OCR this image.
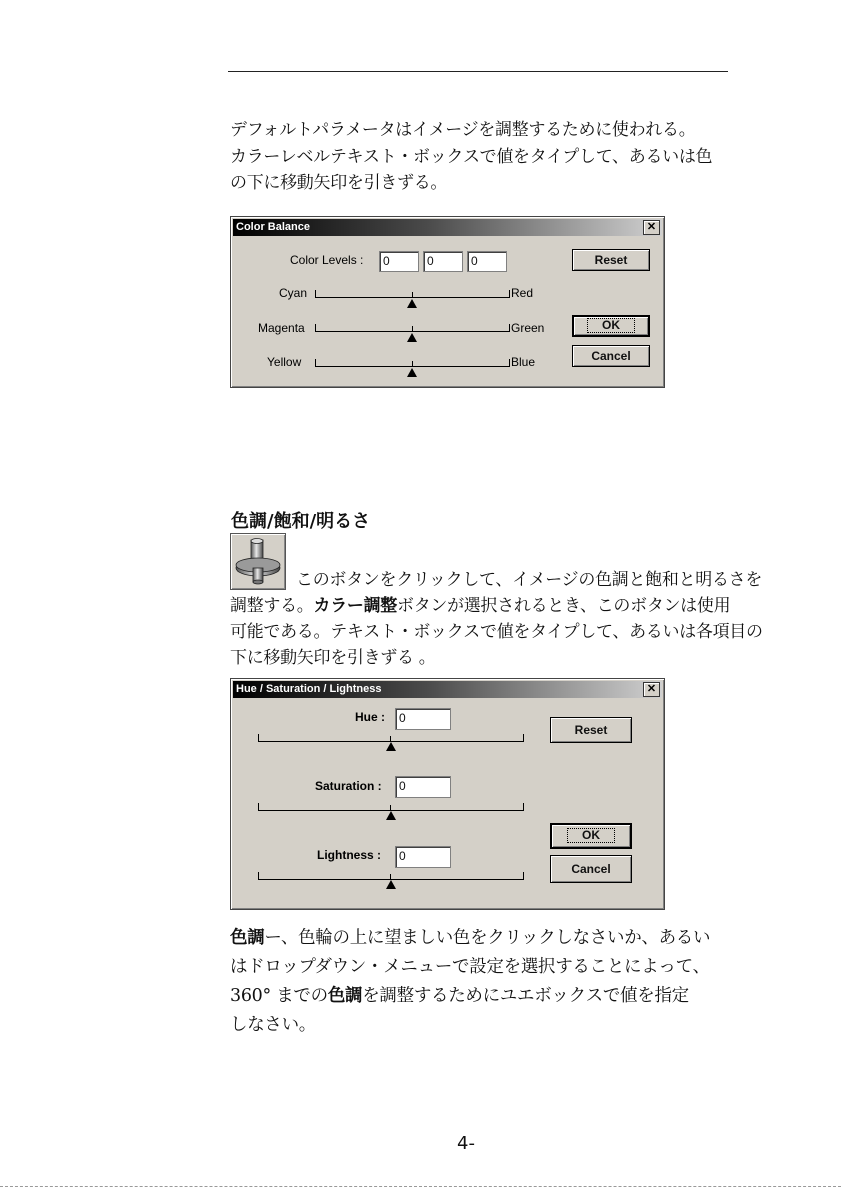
デフォルトパラメータはイメージを調整するために使われる。
カラーレベルテキスト・ボックスで値をタイプして、あるいは色
の下に移動矢印を引きずる。
Color Balance	✕
Color Levels :	0	0	0
Cyan	Red
Magenta	Green
Yellow	Blue
Reset
OK
Cancel
色調/飽和/明るさ
このボタンをクリックして、イメージの色調と飽和と明るさを
調整する。カラー調整ボタンが選択されるとき、このボタンは使用
可能である。テキスト・ボックスで値をタイプして、あるいは各項目の
下に移動矢印を引きずる 。
Hue / Saturation / Lightness	✕
Hue :	0
Saturation :	0
Lightness :	0
Reset
OK
Cancel
色調ー、色輪の上に望ましい色をクリックしなさいか、あるい
はドロップダウン・メニューで設定を選択することによって、
360° までの色調を調整するためにユエボックスで値を指定
しなさい。
4-
